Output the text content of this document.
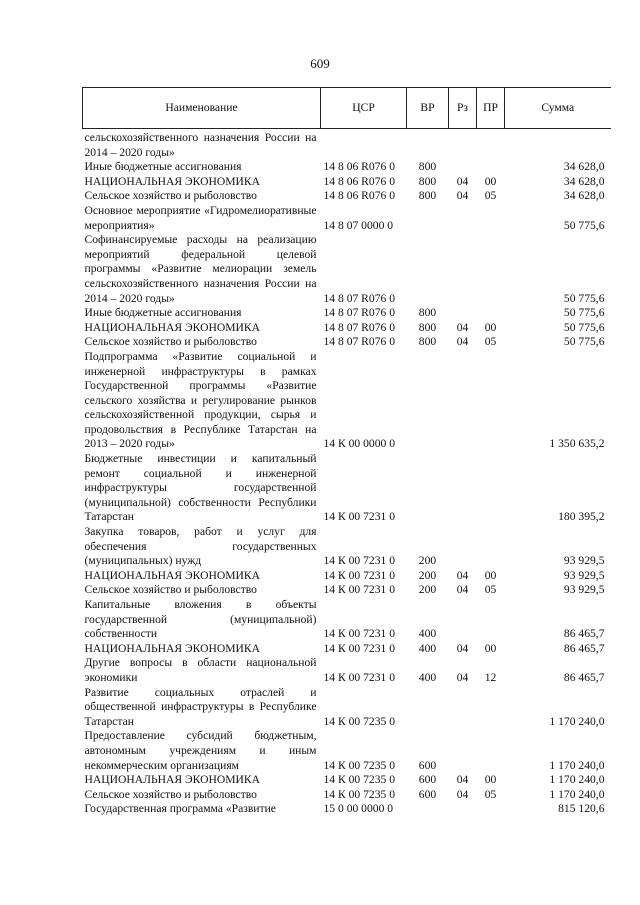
609
Наименование	ЦСР	ВР	Рз	ПР	Сумма
сельскохозяйственного назначения России на 2014 – 2020 годы»					
Иные бюджетные ассигнования	14 8 06 R076 0	800			34 628,0
НАЦИОНАЛЬНАЯ ЭКОНОМИКА	14 8 06 R076 0	800	04	00	34 628,0
Сельское хозяйство и рыболовство	14 8 06 R076 0	800	04	05	34 628,0
Основное мероприятие «Гидромелиоративные мероприятия»	14 8 07 0000 0				50 775,6
Софинансируемые расходы на реализацию мероприятий федеральной целевой программы «Развитие мелиорации земель сельскохозяйственного назначения России на 2014 – 2020 годы»	14 8 07 R076 0				50 775,6
Иные бюджетные ассигнования	14 8 07 R076 0	800			50 775,6
НАЦИОНАЛЬНАЯ ЭКОНОМИКА	14 8 07 R076 0	800	04	00	50 775,6
Сельское хозяйство и рыболовство	14 8 07 R076 0	800	04	05	50 775,6
Подпрограмма «Развитие социальной и инженерной инфраструктуры в рамках Государственной программы «Развитие сельского хозяйства и регулирование рынков сельскохозяйственной продукции, сырья и продовольствия в Республике Татарстан на 2013 – 2020 годы»	14 К 00 0000 0				1 350 635,2
Бюджетные инвестиции и капитальный ремонт социальной и инженерной инфраструктуры государственной (муниципальной) собственности Республики Татарстан	14 К 00 7231 0				180 395,2
Закупка товаров, работ и услуг для обеспечения государственных (муниципальных) нужд	14 К 00 7231 0	200			93 929,5
НАЦИОНАЛЬНАЯ ЭКОНОМИКА	14 К 00 7231 0	200	04	00	93 929,5
Сельское хозяйство и рыболовство	14 К 00 7231 0	200	04	05	93 929,5
Капитальные вложения в объекты государственной (муниципальной) собственности	14 К 00 7231 0	400			86 465,7
НАЦИОНАЛЬНАЯ ЭКОНОМИКА	14 К 00 7231 0	400	04	00	86 465,7
Другие вопросы в области национальной экономики	14 К 00 7231 0	400	04	12	86 465,7
Развитие социальных отраслей и общественной инфраструктуры в Республике Татарстан	14 К 00 7235 0				1 170 240,0
Предоставление субсидий бюджетным, автономным учреждениям и иным некоммерческим организациям	14 К 00 7235 0	600			1 170 240,0
НАЦИОНАЛЬНАЯ ЭКОНОМИКА	14 К 00 7235 0	600	04	00	1 170 240,0
Сельское хозяйство и рыболовство	14 К 00 7235 0	600	04	05	1 170 240,0
Государственная программа «Развитие	15 0 00 0000 0				815 120,6
